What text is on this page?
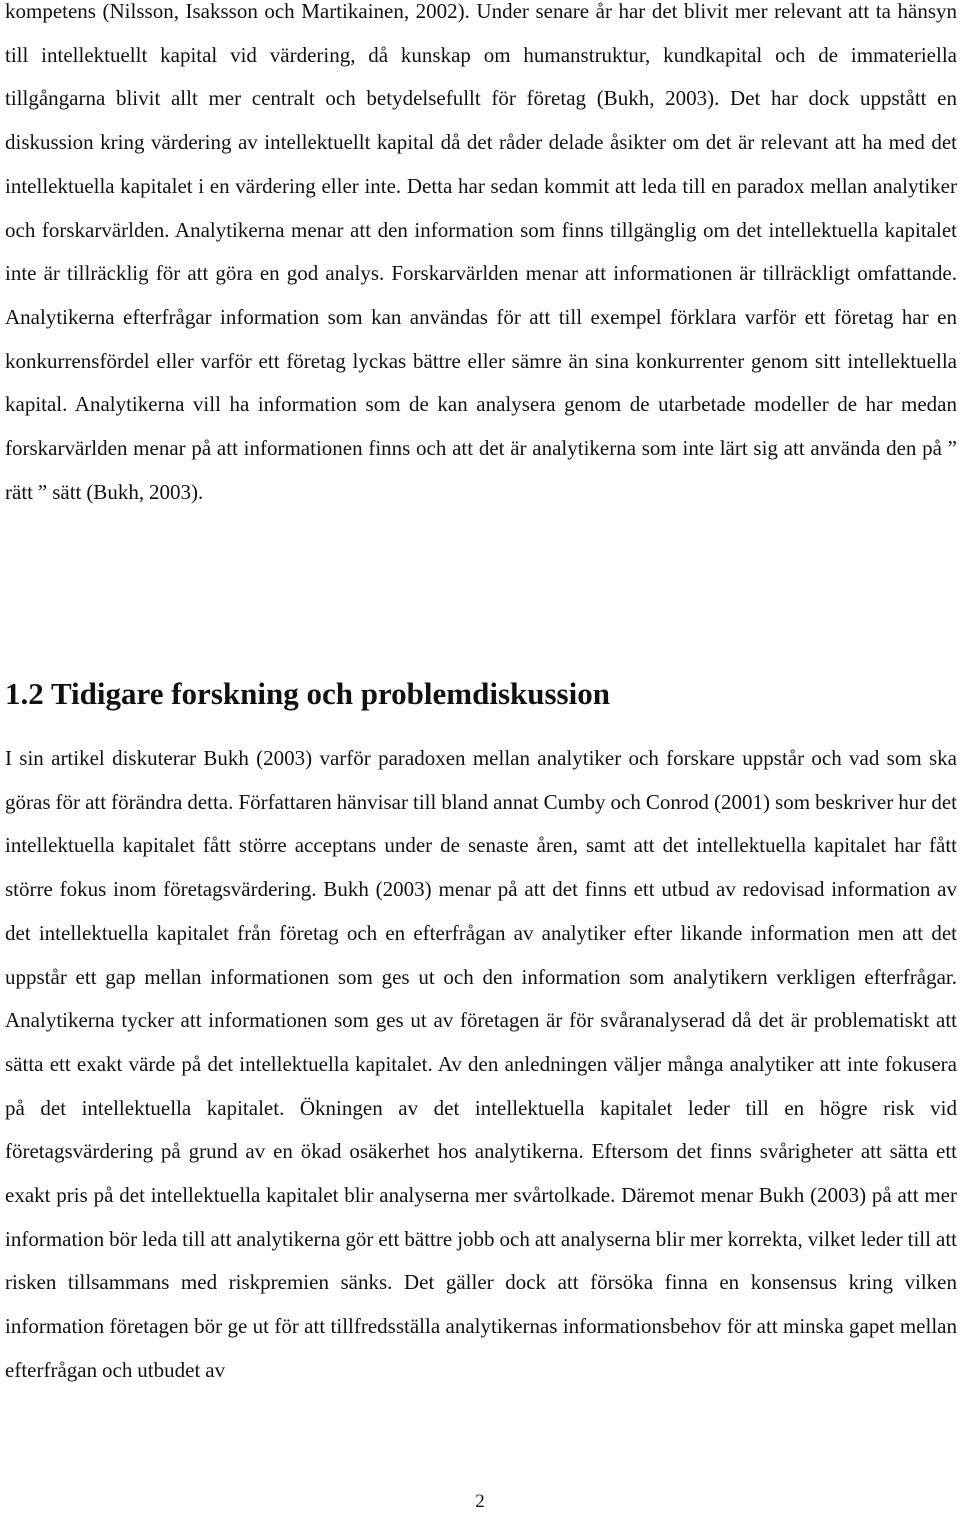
kompetens (Nilsson, Isaksson och Martikainen, 2002). Under senare år har det blivit mer relevant att ta hänsyn till intellektuellt kapital vid värdering, då kunskap om humanstruktur, kundkapital och de immateriella tillgångarna blivit allt mer centralt och betydelsefullt för företag (Bukh, 2003). Det har dock uppstått en diskussion kring värdering av intellektuellt kapital då det råder delade åsikter om det är relevant att ha med det intellektuella kapitalet i en värdering eller inte. Detta har sedan kommit att leda till en paradox mellan analytiker och forskarvärlden. Analytikerna menar att den information som finns tillgänglig om det intellektuella kapitalet inte är tillräcklig för att göra en god analys. Forskarvärlden menar att informationen är tillräckligt omfattande. Analytikerna efterfrågar information som kan användas för att till exempel förklara varför ett företag har en konkurrensfördel eller varför ett företag lyckas bättre eller sämre än sina konkurrenter genom sitt intellektuella kapital. Analytikerna vill ha information som de kan analysera genom de utarbetade modeller de har medan forskarvärlden menar på att informationen finns och att det är analytikerna som inte lärt sig att använda den på ” rätt ” sätt (Bukh, 2003).

1.2 Tidigare forskning och problemdiskussion

I sin artikel diskuterar Bukh (2003) varför paradoxen mellan analytiker och forskare uppstår och vad som ska göras för att förändra detta. Författaren hänvisar till bland annat Cumby och Conrod (2001) som beskriver hur det intellektuella kapitalet fått större acceptans under de senaste åren, samt att det intellektuella kapitalet har fått större fokus inom företagsvärdering. Bukh (2003) menar på att det finns ett utbud av redovisad information av det intellektuella kapitalet från företag och en efterfrågan av analytiker efter likande information men att det uppstår ett gap mellan informationen som ges ut och den information som analytikern verkligen efterfrågar. Analytikerna tycker att informationen som ges ut av företagen är för svåranalyserad då det är problematiskt att sätta ett exakt värde på det intellektuella kapitalet. Av den anledningen väljer många analytiker att inte fokusera på det intellektuella kapitalet. Ökningen av det intellektuella kapitalet leder till en högre risk vid företagsvärdering på grund av en ökad osäkerhet hos analytikerna. Eftersom det finns svårigheter att sätta ett exakt pris på det intellektuella kapitalet blir analyserna mer svårtolkade. Däremot menar Bukh (2003) på att mer information bör leda till att analytikerna gör ett bättre jobb och att analyserna blir mer korrekta, vilket leder till att risken tillsammans med riskpremien sänks. Det gäller dock att försöka finna en konsensus kring vilken information företagen bör ge ut för att tillfredsställa analytikernas informationsbehov för att minska gapet mellan efterfrågan och utbudet av

2
